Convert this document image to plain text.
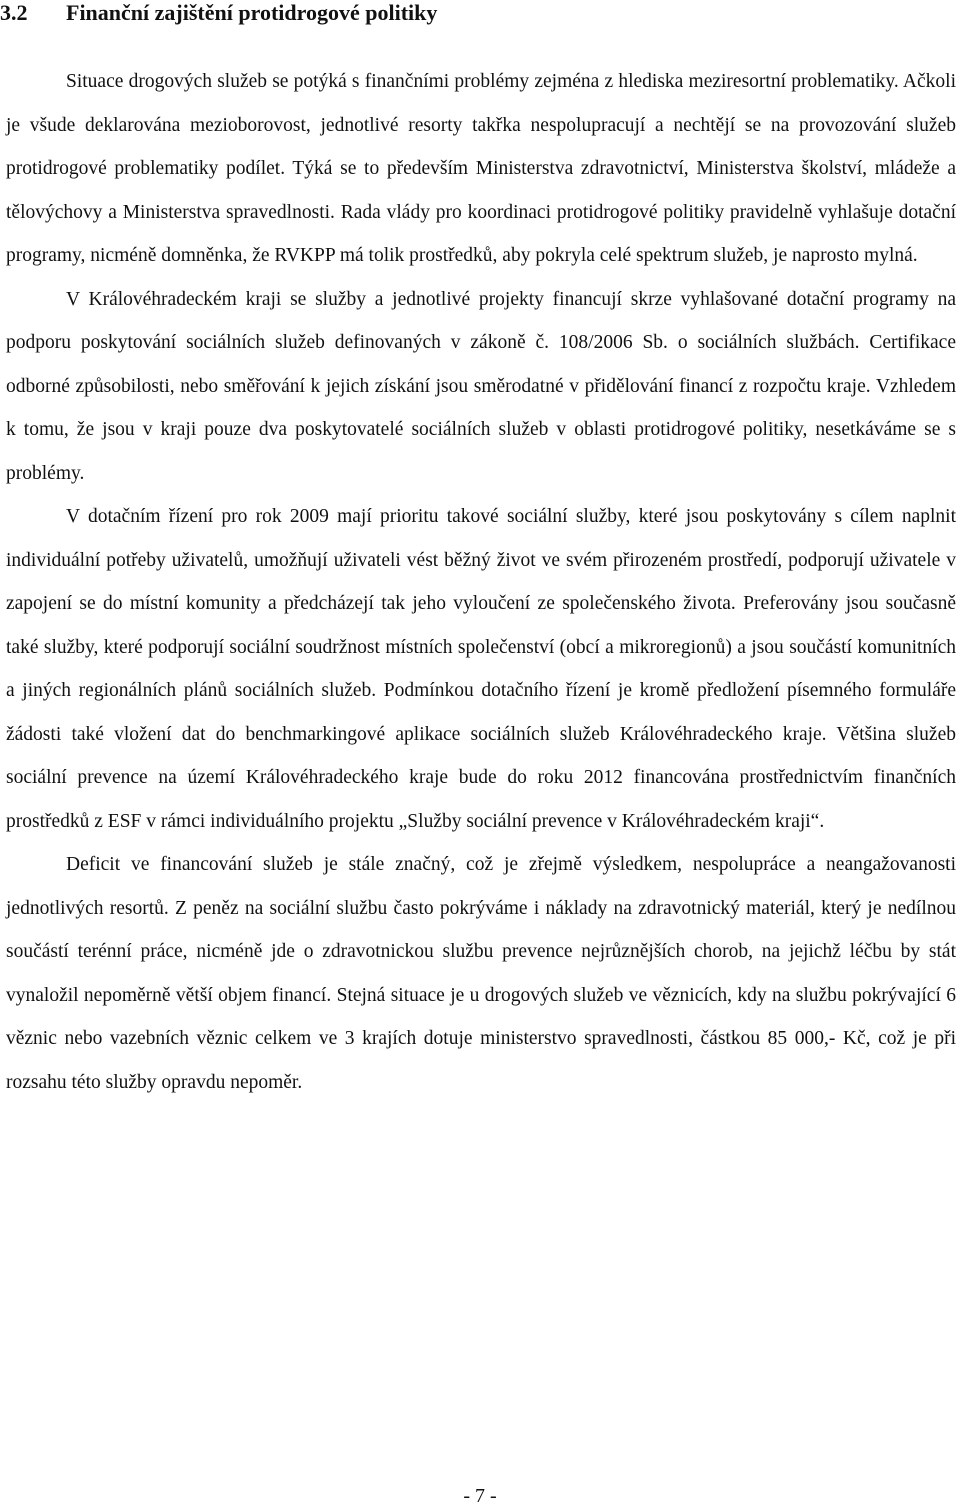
3.2 Finanční zajištění protidrogové politiky

Situace drogových služeb se potýká s finančními problémy zejména z hlediska meziresortní problematiky. Ačkoli je všude deklarována mezioborovost, jednotlivé resorty takřka nespolupracují a nechtějí se na provozování služeb protidrogové problematiky podílet. Týká se to především Ministerstva zdravotnictví, Ministerstva školství, mládeže a tělovýchovy a Ministerstva spravedlnosti. Rada vlády pro koordinaci protidrogové politiky pravidelně vyhlašuje dotační programy, nicméně domněnka, že RVKPP má tolik prostředků, aby pokryla celé spektrum služeb, je naprosto mylná.

V Královéhradeckém kraji se služby a jednotlivé projekty financují skrze vyhlašované dotační programy na podporu poskytování sociálních služeb definovaných v zákoně č. 108/2006 Sb. o sociálních službách. Certifikace odborné způsobilosti, nebo směřování k jejich získání jsou směrodatné v přidělování financí z rozpočtu kraje. Vzhledem k tomu, že jsou v kraji pouze dva poskytovatelé sociálních služeb v oblasti protidrogové politiky, nesetkáváme se s problémy.

V dotačním řízení pro rok 2009 mají prioritu takové sociální služby, které jsou poskytovány s cílem naplnit individuální potřeby uživatelů, umožňují uživateli vést běžný život ve svém přirozeném prostředí, podporují uživatele v zapojení se do místní komunity a předcházejí tak jeho vyloučení ze společenského života. Preferovány jsou současně také služby, které podporují sociální soudržnost místních společenství (obcí a mikroregionů) a jsou součástí komunitních a jiných regionálních plánů sociálních služeb. Podmínkou dotačního řízení je kromě předložení písemného formuláře žádosti také vložení dat do benchmarkingové aplikace sociálních služeb Královéhradeckého kraje. Většina služeb sociální prevence na území Královéhradeckého kraje bude do roku 2012 financována prostřednictvím finančních prostředků z ESF v rámci individuálního projektu „Služby sociální prevence v Královéhradeckém kraji“.

Deficit ve financování služeb je stále značný, což je zřejmě výsledkem, nespolupráce a neangažovanosti jednotlivých resortů. Z peněz na sociální službu často pokrýváme i náklady na zdravotnický materiál, který je nedílnou součástí terénní práce, nicméně jde o zdravotnickou službu prevence nejrůznějších chorob, na jejichž léčbu by stát vynaložil nepoměrně větší objem financí. Stejná situace je u drogových služeb ve věznicích, kdy na službu pokrývající 6 věznic nebo vazebních věznic celkem ve 3 krajích dotuje ministerstvo spravedlnosti, částkou 85 000,- Kč, což je při rozsahu této služby opravdu nepoměr.

- 7 -
